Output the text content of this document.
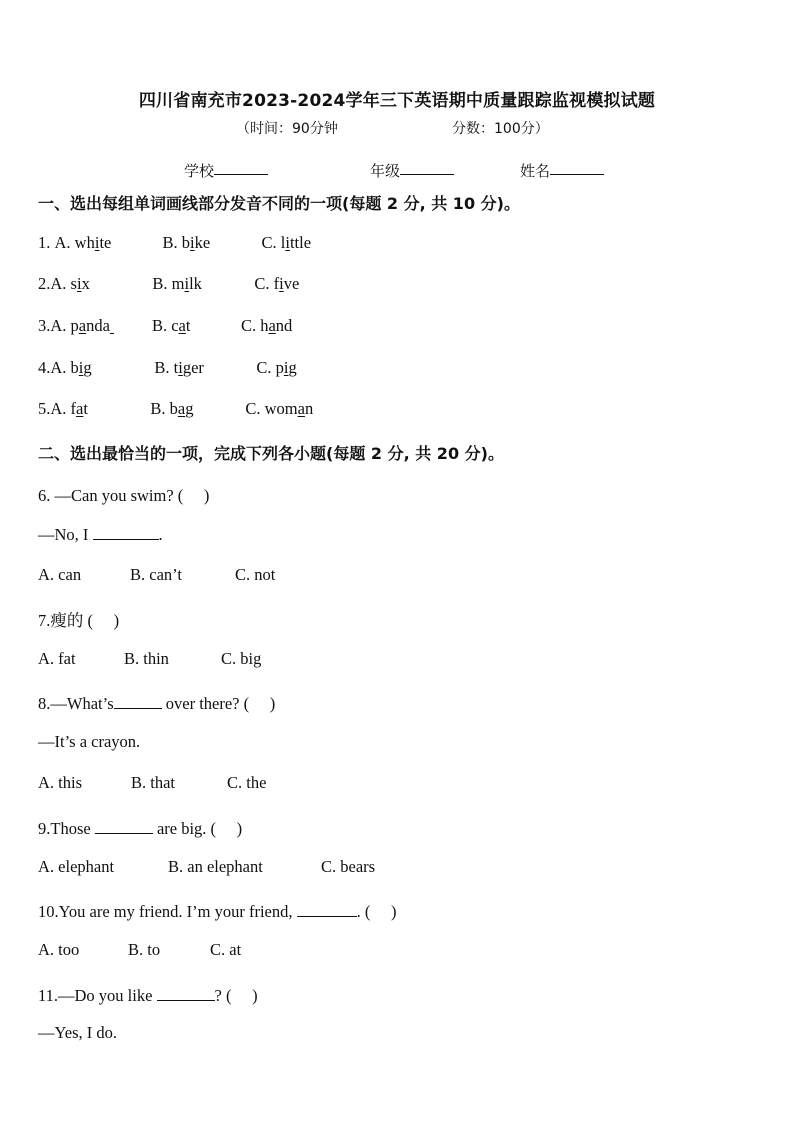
四川省南充市2023-2024学年三下英语期中质量跟踪监视模拟试题
（时间：90分钟	分数：100分）
学校	年级	姓名
一、选出每组单词画线部分发音不同的一项(每题 2 分, 共 10 分)。
1. A. white	B. bike	C. little
2.A. six	B. milk	C. five
3.A. panda	B. cat	C. hand
4.A. big	B. tiger	C. pig
5.A. fat	B. bag	C. woman
二、选出最恰当的一项，完成下列各小题(每题 2 分, 共 20 分)。
6. —Can you swim? (　 )
—No, I	.
A. can	B. can’t	C. not
7.瘦的 (　 )
A. fat	B. thin	C. big
8.—What’s	over there? (　 )
—It’s a crayon.
A. this	B. that	C. the
9.Those	are big. (　 )
A. elephant	B. an elephant	C. bears
10.You are my friend. I’m your friend,	. (　 )
A. too	B. to	C. at
11.—Do you like	? (　 )
—Yes, I do.
